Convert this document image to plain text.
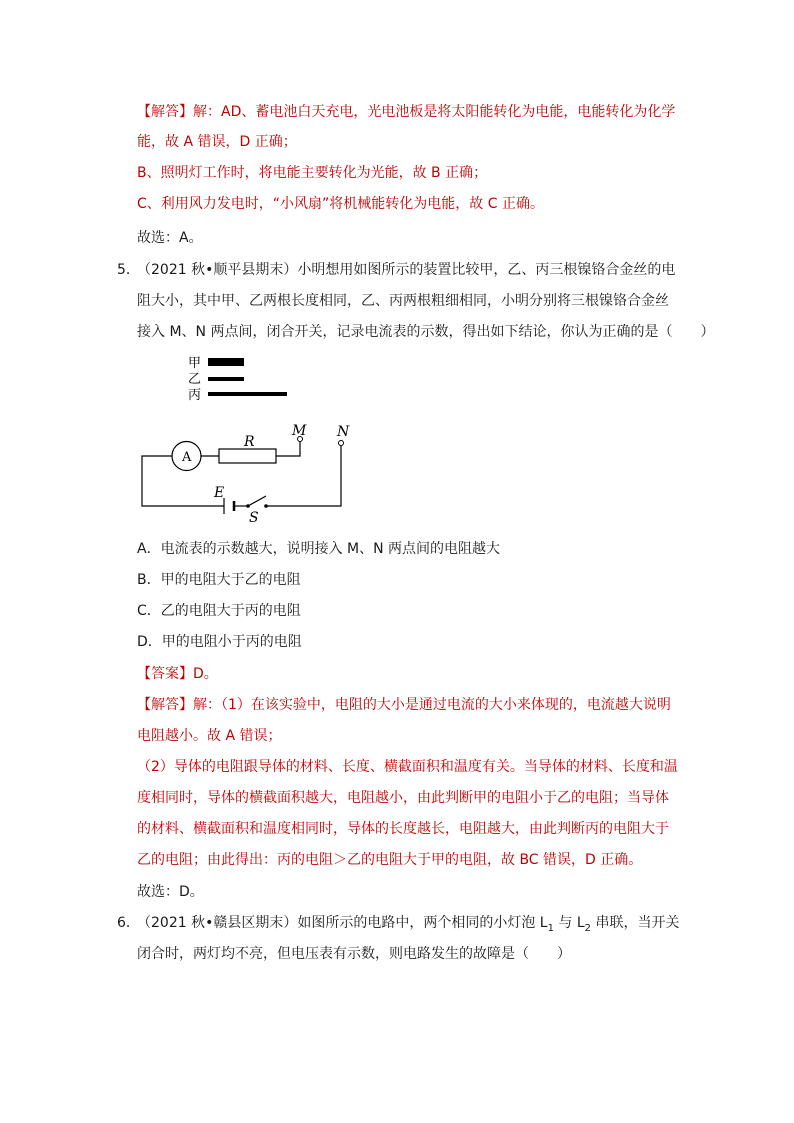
【解答】解：AD、蓄电池白天充电，光电池板是将太阳能转化为电能，电能转化为化学
能，故 A 错误，D 正确；
B、照明灯工作时，将电能主要转化为光能，故 B 正确；
C、利用风力发电时，“小风扇”将机械能转化为电能，故 C 正确。
故选：A。
5．
（2021 秋•顺平县期末）小明想用如图所示的装置比较甲，乙、丙三根镍铬合金丝的电
阻大小，其中甲、乙两根长度相同，乙、丙两根粗细相同，小明分别将三根镍铬合金丝
接入 M、N 两点间，闭合开关，记录电流表的示数，得出如下结论，你认为正确的是（　　）
甲
乙
丙
A
R
M N
E
S
A．电流表的示数越大，说明接入 M、N 两点间的电阻越大
B．甲的电阻大于乙的电阻
C．乙的电阻大于丙的电阻
D．甲的电阻小于丙的电阻
【答案】D。
【解答】解：（1）在该实验中，电阻的大小是通过电流的大小来体现的，电流越大说明
电阻越小。故 A 错误；
（2）导体的电阻跟导体的材料、长度、横截面积和温度有关。当导体的材料、长度和温
度相同时，导体的横截面积越大，电阻越小，由此判断甲的电阻小于乙的电阻；当导体
的材料、横截面积和温度相同时，导体的长度越长，电阻越大，由此判断丙的电阻大于
乙的电阻；由此得出：丙的电阻＞乙的电阻大于甲的电阻，故 BC 错误，D 正确。
故选：D。
6．
（2021 秋•赣县区期末）如图所示的电路中，两个相同的小灯泡 $L_1$ 与 $L_2$ 串联，当开关
闭合时，两灯均不亮，但电压表有示数，则电路发生的故障是（　　）
